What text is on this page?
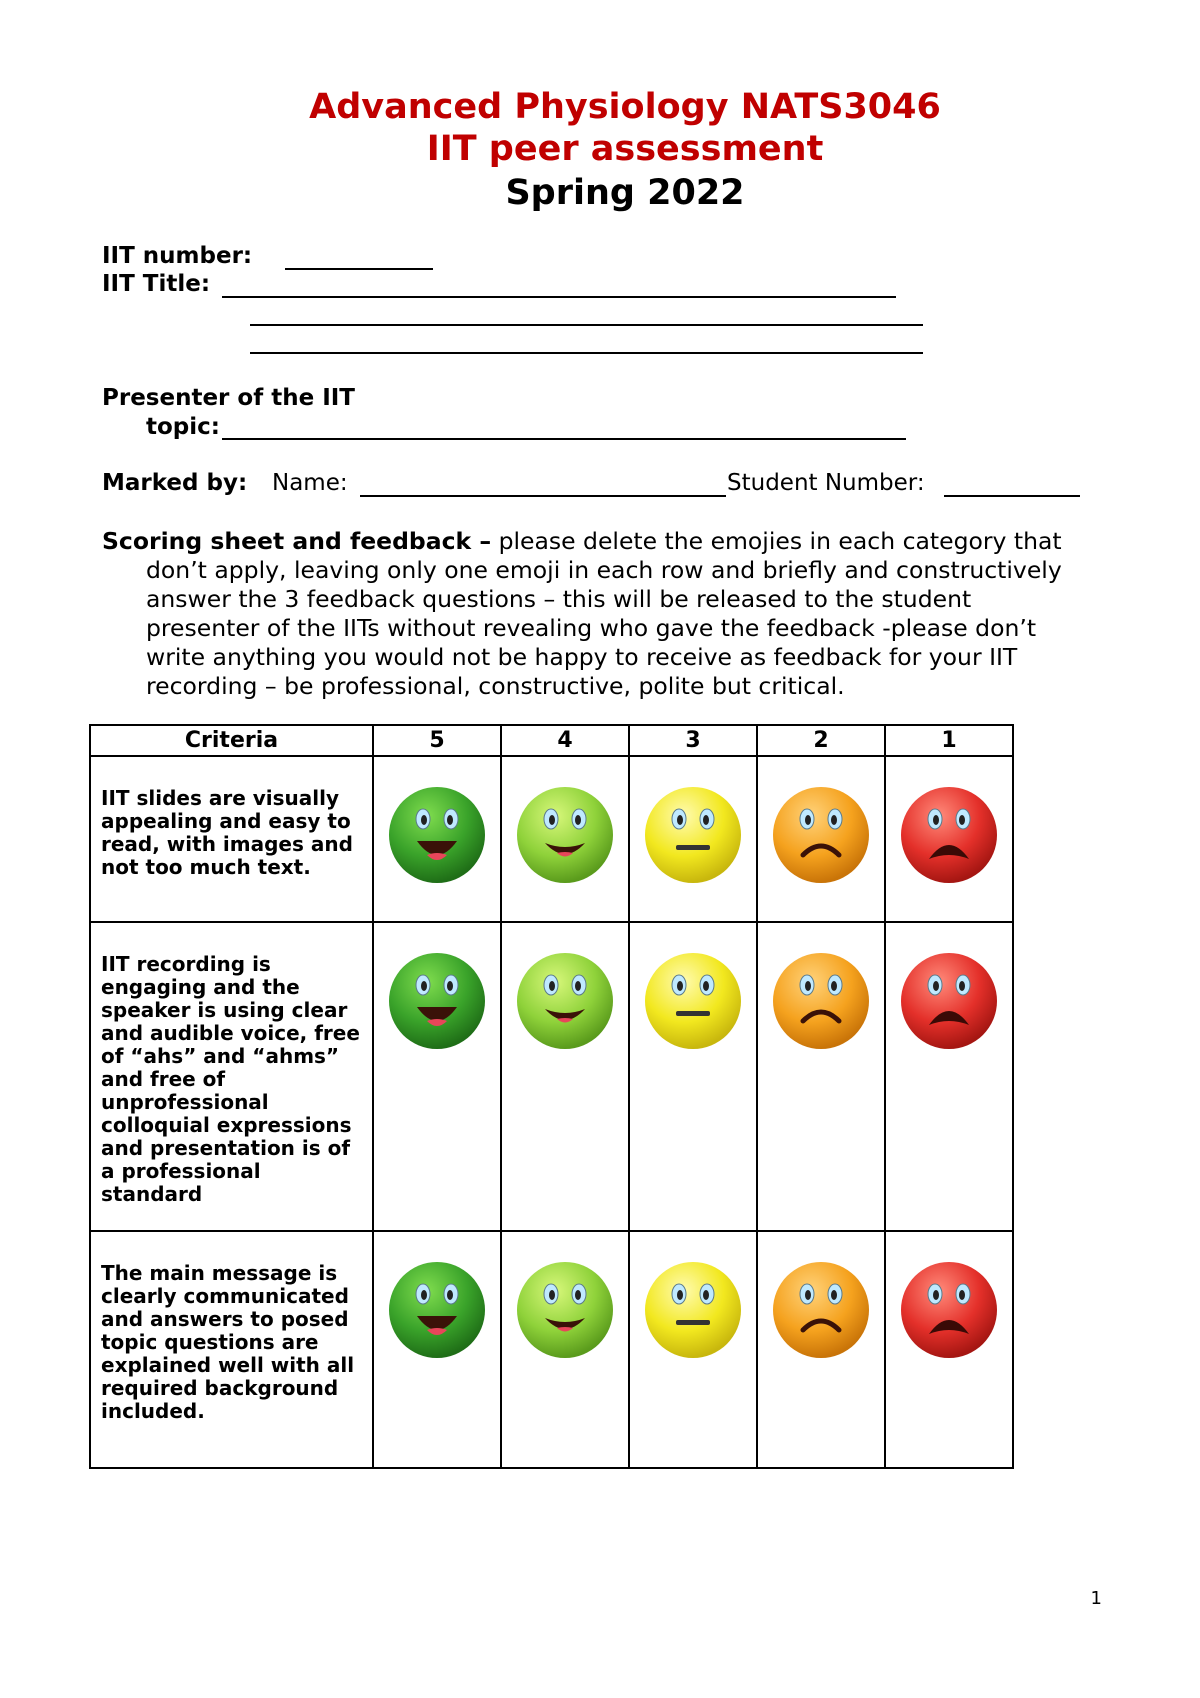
Advanced Physiology NATS3046
IIT peer assessment
Spring 2022
IIT number:
IIT Title:
Presenter of the IIT
topic:
Marked by: Name:	Student Number:
Scoring sheet and feedback – please delete the emojies in each category that
don’t apply, leaving only one emoji in each row and briefly and constructively
answer the 3 feedback questions – this will be released to the student
presenter of the IITs without revealing who gave the feedback -please don’t
write anything you would not be happy to receive as feedback for your IIT
recording – be professional, constructive, polite but critical.
Criteria	5	4	3	2	1
IIT slides are visually appealing and easy to read, with images and not too much text.	

IIT recording is engaging and the speaker is using clear and audible voice, free of “ahs” and “ahms” and free of unprofessional colloquial expressions and presentation is of a professional standard	

The main message is clearly communicated and answers to posed topic questions are explained well with all required background included.	

1
